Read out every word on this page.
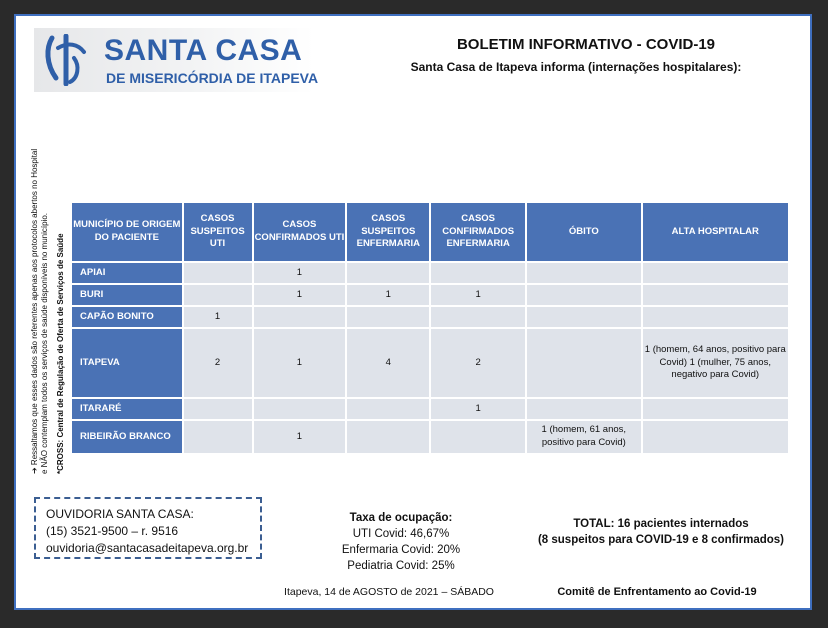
SANTA CASA
DE MISERICÓRDIA DE ITAPEVA
BOLETIM INFORMATIVO - COVID-19
Santa Casa de Itapeva informa (internações hospitalares):
➔ Ressaltamos que esses dados são referentes apenas aos protocolos abertos no Hospital e NÃO contemplam todos os serviços de saúde disponíveis no município. *CROSS: Central de Regulação de Oferta de Serviços de Saúde
MUNICÍPIO DE ORIGEM DO PACIENTE	CASOS SUSPEITOS UTI	CASOS CONFIRMADOS UTI	CASOS SUSPEITOS ENFERMARIA	CASOS CONFIRMADOS ENFERMARIA	ÓBITO	ALTA HOSPITALAR
APIAI		1				
BURI		1	1	1		
CAPÃO BONITO	1					
ITAPEVA	2	1	4	2		1 (homem, 64 anos, positivo para Covid) 1 (mulher, 75 anos, negativo para Covid)
ITARARÉ				1		
RIBEIRÃO BRANCO		1			1 (homem, 61 anos, positivo para Covid)	
OUVIDORIA SANTA CASA:
(15) 3521-9500 – r. 9516
ouvidoria@santacasadeitapeva.org.br
Taxa de ocupação:
UTI Covid: 46,67%
Enfermaria Covid: 20%
Pediatria Covid: 25%
TOTAL: 16 pacientes internados
(8 suspeitos para COVID-19 e 8 confirmados)
Itapeva, 14 de AGOSTO de 2021 – SÁBADO	Comitê de Enfrentamento ao Covid-19
